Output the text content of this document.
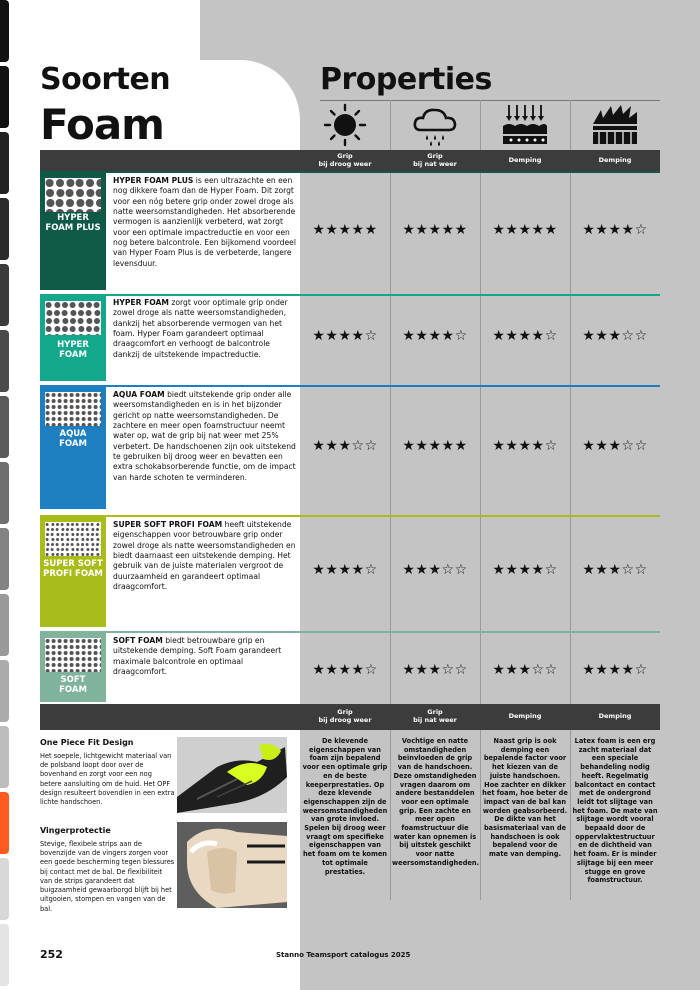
Soorten
Foam
Properties
Grip
bij droog weer
Grip
bij nat weer	Demping	Demping
HYPER
FOAM PLUS
HYPER FOAM PLUS is een ultrazachte en een nog dikkere foam dan de Hyper Foam. Dit zorgt voor een nóg betere grip onder zowel droge als natte weersomstandigheden. Het absorberende vermogen is aanzienlijk verbeterd, wat zorgt voor een optimale impactreductie en voor een nog betere balcontrole. Een bijkomend voordeel van Hyper Foam Plus is de verbeterde, langere levensduur.
★★★★★	★★★★★	★★★★★	★★★★☆
HYPER
FOAM
HYPER FOAM zorgt voor optimale grip onder zowel droge als natte weersomstandigheden, dankzij het absorberende vermogen van het foam. Hyper Foam garandeert optimaal draagcomfort en verhoogt de balcontrole dankzij de uitstekende impactreductie.
★★★★☆	★★★★☆	★★★★☆	★★★☆☆
AQUA
FOAM
AQUA FOAM biedt uitstekende grip onder alle weersomstandigheden en is in het bijzonder gericht op natte weersomstandigheden. De zachtere en meer open foamstructuur neemt water op, wat de grip bij nat weer met 25% verbetert. De handschoenen zijn ook uitstekend te gebruiken bij droog weer en bevatten een extra schokabsorberende functie, om de impact van harde schoten te verminderen.
★★★☆☆	★★★★★	★★★★☆	★★★☆☆
SUPER SOFT
PROFI FOAM
SUPER SOFT PROFI FOAM heeft uitstekende eigenschappen voor betrouwbare grip onder zowel droge als natte weersomstandigheden en biedt daarnaast een uitstekende demping. Het gebruik van de juiste materialen vergroot de duurzaamheid en garandeert optimaal draagcomfort.
★★★★☆	★★★☆☆	★★★★☆	★★★☆☆
SOFT
FOAM
SOFT FOAM biedt betrouwbare grip en uitstekende demping. Soft Foam garandeert maximale balcontrole en optimaal draagcomfort.	★★★★☆	★★★☆☆	★★★☆☆	★★★★☆
Grip
bij droog weer
Grip
bij nat weer	Demping	Demping
De klevende eigenschappen van foam zijn bepalend voor een optimale grip en de beste keeperprestaties. Op deze klevende eigenschappen zijn de weersomstandigheden van grote invloed. Spelen bij droog weer vraagt om specifieke eigenschappen van het foam om te komen tot optimale prestaties.
Vochtige en natte omstandigheden beïnvloeden de grip van de handschoen. Deze omstandigheden vragen daarom om andere bestanddelen voor een optimale grip. Een zachte en meer open foamstructuur die water kan opnemen is bij uitstek geschikt voor natte weersomstandigheden.
Naast grip is ook demping een bepalende factor voor het kiezen van de juiste handschoen. Hoe zachter en dikker het foam, hoe beter de impact van de bal kan worden geabsorbeerd. De dikte van het basismateriaal van de handschoen is ook bepalend voor de mate van demping.
Latex foam is een erg zacht materiaal dat een speciale behandeling nodig heeft. Regelmatig balcontact en contact met de ondergrond leidt tot slijtage van het foam. De mate van slijtage wordt vooral bepaald door de oppervlaktestructuur en de dichtheid van het foam. Er is minder slijtage bij een meer stugge en grove foamstructuur.
One Piece Fit Design
Het soepele, lichtgewicht materiaal van de polsband loopt door over de bovenhand en zorgt voor een nog betere aansluiting om de huid. Het OPF design resulteert bovendien in een extra lichte handschoen.
Vingerprotectie
Stevige, flexibele strips aan de bovenzijde van de vingers zorgen voor een goede bescherming tegen blessures bij contact met de bal. De flexibiliteit van de strips garandeert dat buigzaamheid gewaarborgd blijft bij het uitgooien, stompen en vangen van de bal.
252	Stanno Teamsport catalogus 2025
